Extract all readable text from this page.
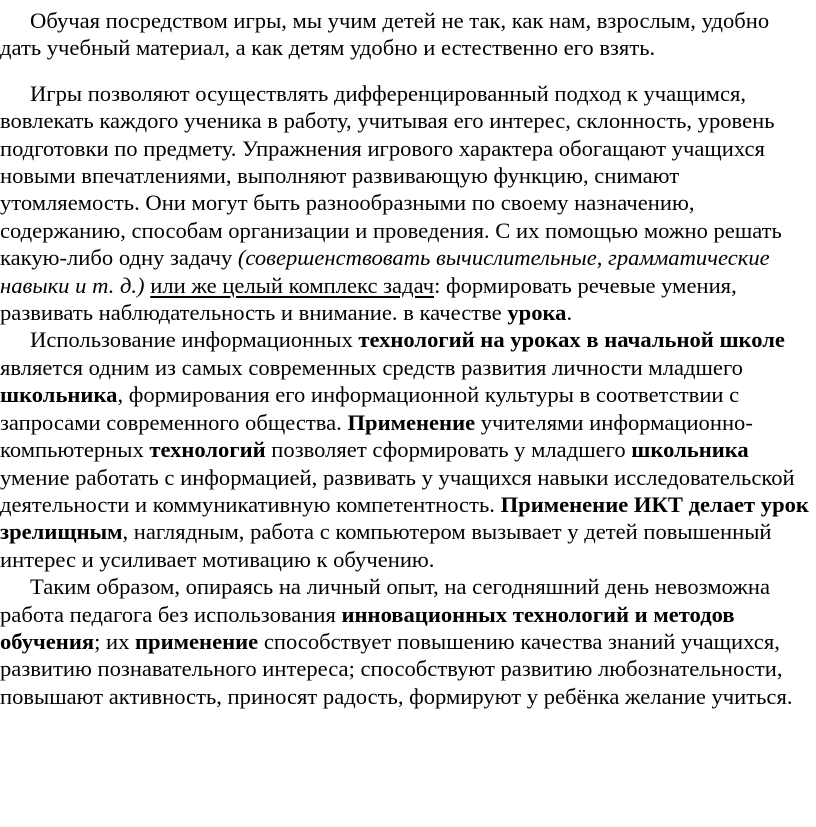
Обучая посредством игры, мы учим детей не так, как нам, взрослым, удобно дать учебный материал, а как детям удобно и естественно его взять.

Игры позволяют осуществлять дифференцированный подход к учащимся, вовлекать каждого ученика в работу, учитывая его интерес, склонность, уровень подготовки по предмету. Упражнения игрового характера обогащают учащихся новыми впечатлениями, выполняют развивающую функцию, снимают утомляемость. Они могут быть разнообразными по своему назначению, содержанию, способам организации и проведения. С их помощью можно решать какую-либо одну задачу (совершенствовать вычислительные, грамматические навыки и т. д.) или же целый комплекс задач: формировать речевые умения, развивать наблюдательность и внимание. в качестве урока.

Использование информационных технологий на уроках в начальной школе является одним из самых современных средств развития личности младшего школьника, формирования его информационной культуры в соответствии с запросами современного общества. Применение учителями информационно-компьютерных технологий позволяет сформировать у младшего школьника умение работать с информацией, развивать у учащихся навыки исследовательской деятельности и коммуникативную компетентность. Применение ИКТ делает урок зрелищным, наглядным, работа с компьютером вызывает у детей повышенный интерес и усиливает мотивацию к обучению.

Таким образом, опираясь на личный опыт, на сегодняшний день невозможна работа педагога без использования инновационных технологий и методов обучения; их применение способствует повышению качества знаний учащихся, развитию познавательного интереса; способствуют развитию любознательности, повышают активность, приносят радость, формируют у ребёнка желание учиться.
